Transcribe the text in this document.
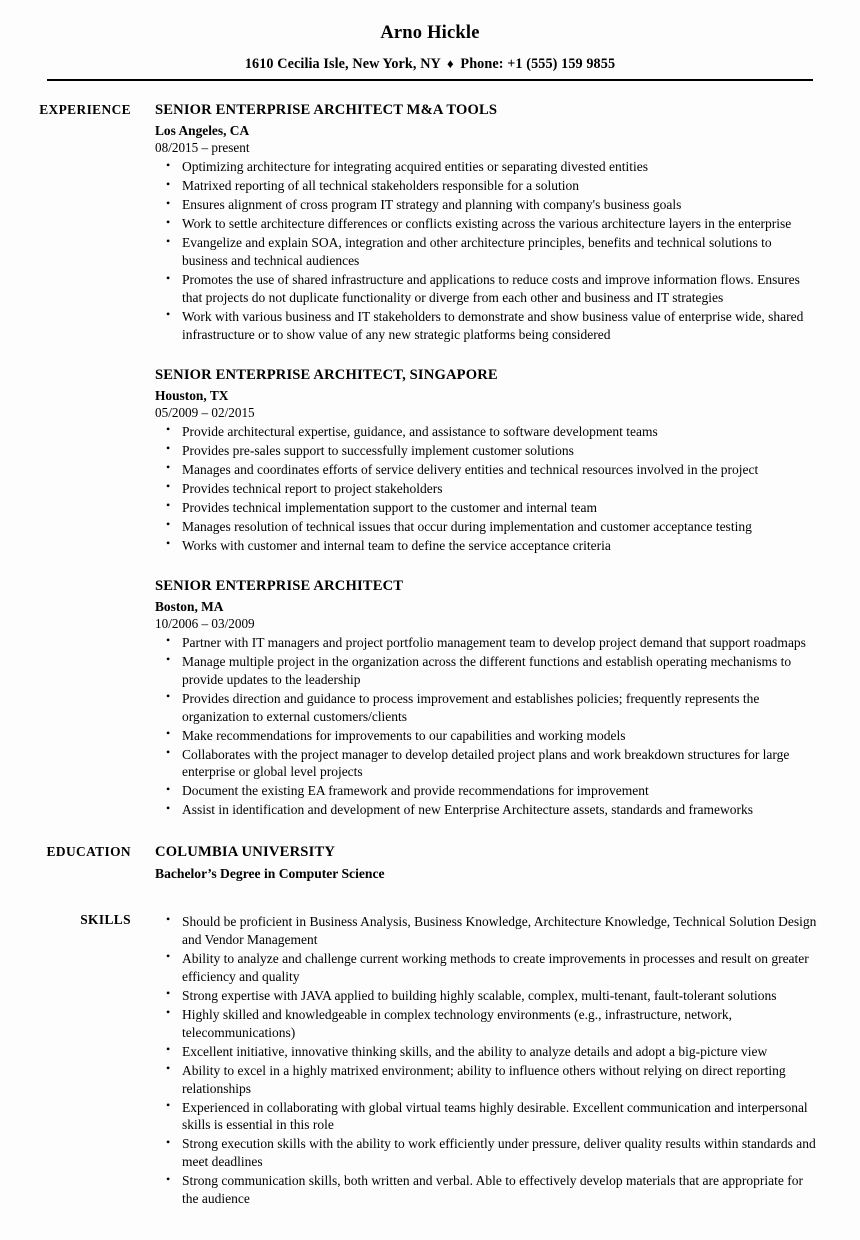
Arno Hickle
1610 Cecilia Isle, New York, NY ♦ Phone: +1 (555) 159 9855
EXPERIENCE SENIOR ENTERPRISE ARCHITECT M&A TOOLS
Los Angeles, CA
08/2015 – present
• Optimizing architecture for integrating acquired entities or separating divested entities
• Matrixed reporting of all technical stakeholders responsible for a solution
• Ensures alignment of cross program IT strategy and planning with company's business goals
• Work to settle architecture differences or conflicts existing across the various architecture layers in the enterprise
• Evangelize and explain SOA, integration and other architecture principles, benefits and technical solutions to business and technical audiences
• Promotes the use of shared infrastructure and applications to reduce costs and improve information flows. Ensures that projects do not duplicate functionality or diverge from each other and business and IT strategies
• Work with various business and IT stakeholders to demonstrate and show business value of enterprise wide, shared infrastructure or to show value of any new strategic platforms being considered
SENIOR ENTERPRISE ARCHITECT, SINGAPORE
Houston, TX
05/2009 – 02/2015
• Provide architectural expertise, guidance, and assistance to software development teams
• Provides pre-sales support to successfully implement customer solutions
• Manages and coordinates efforts of service delivery entities and technical resources involved in the project
• Provides technical report to project stakeholders
• Provides technical implementation support to the customer and internal team
• Manages resolution of technical issues that occur during implementation and customer acceptance testing
• Works with customer and internal team to define the service acceptance criteria
SENIOR ENTERPRISE ARCHITECT
Boston, MA
10/2006 – 03/2009
• Partner with IT managers and project portfolio management team to develop project demand that support roadmaps
• Manage multiple project in the organization across the different functions and establish operating mechanisms to provide updates to the leadership
• Provides direction and guidance to process improvement and establishes policies; frequently represents the organization to external customers/clients
• Make recommendations for improvements to our capabilities and working models
• Collaborates with the project manager to develop detailed project plans and work breakdown structures for large enterprise or global level projects
• Document the existing EA framework and provide recommendations for improvement
• Assist in identification and development of new Enterprise Architecture assets, standards and frameworks
EDUCATION COLUMBIA UNIVERSITY
Bachelor’s Degree in Computer Science
SKILLS	• Should be proficient in Business Analysis, Business Knowledge, Architecture Knowledge, Technical Solution Design and Vendor Management
• Ability to analyze and challenge current working methods to create improvements in processes and result on greater efficiency and quality
• Strong expertise with JAVA applied to building highly scalable, complex, multi-tenant, fault-tolerant solutions
• Highly skilled and knowledgeable in complex technology environments (e.g., infrastructure, network, telecommunications)
• Excellent initiative, innovative thinking skills, and the ability to analyze details and adopt a big-picture view
• Ability to excel in a highly matrixed environment; ability to influence others without relying on direct reporting relationships
• Experienced in collaborating with global virtual teams highly desirable. Excellent communication and interpersonal skills is essential in this role
• Strong execution skills with the ability to work efficiently under pressure, deliver quality results within standards and meet deadlines
• Strong communication skills, both written and verbal. Able to effectively develop materials that are appropriate for the audience
